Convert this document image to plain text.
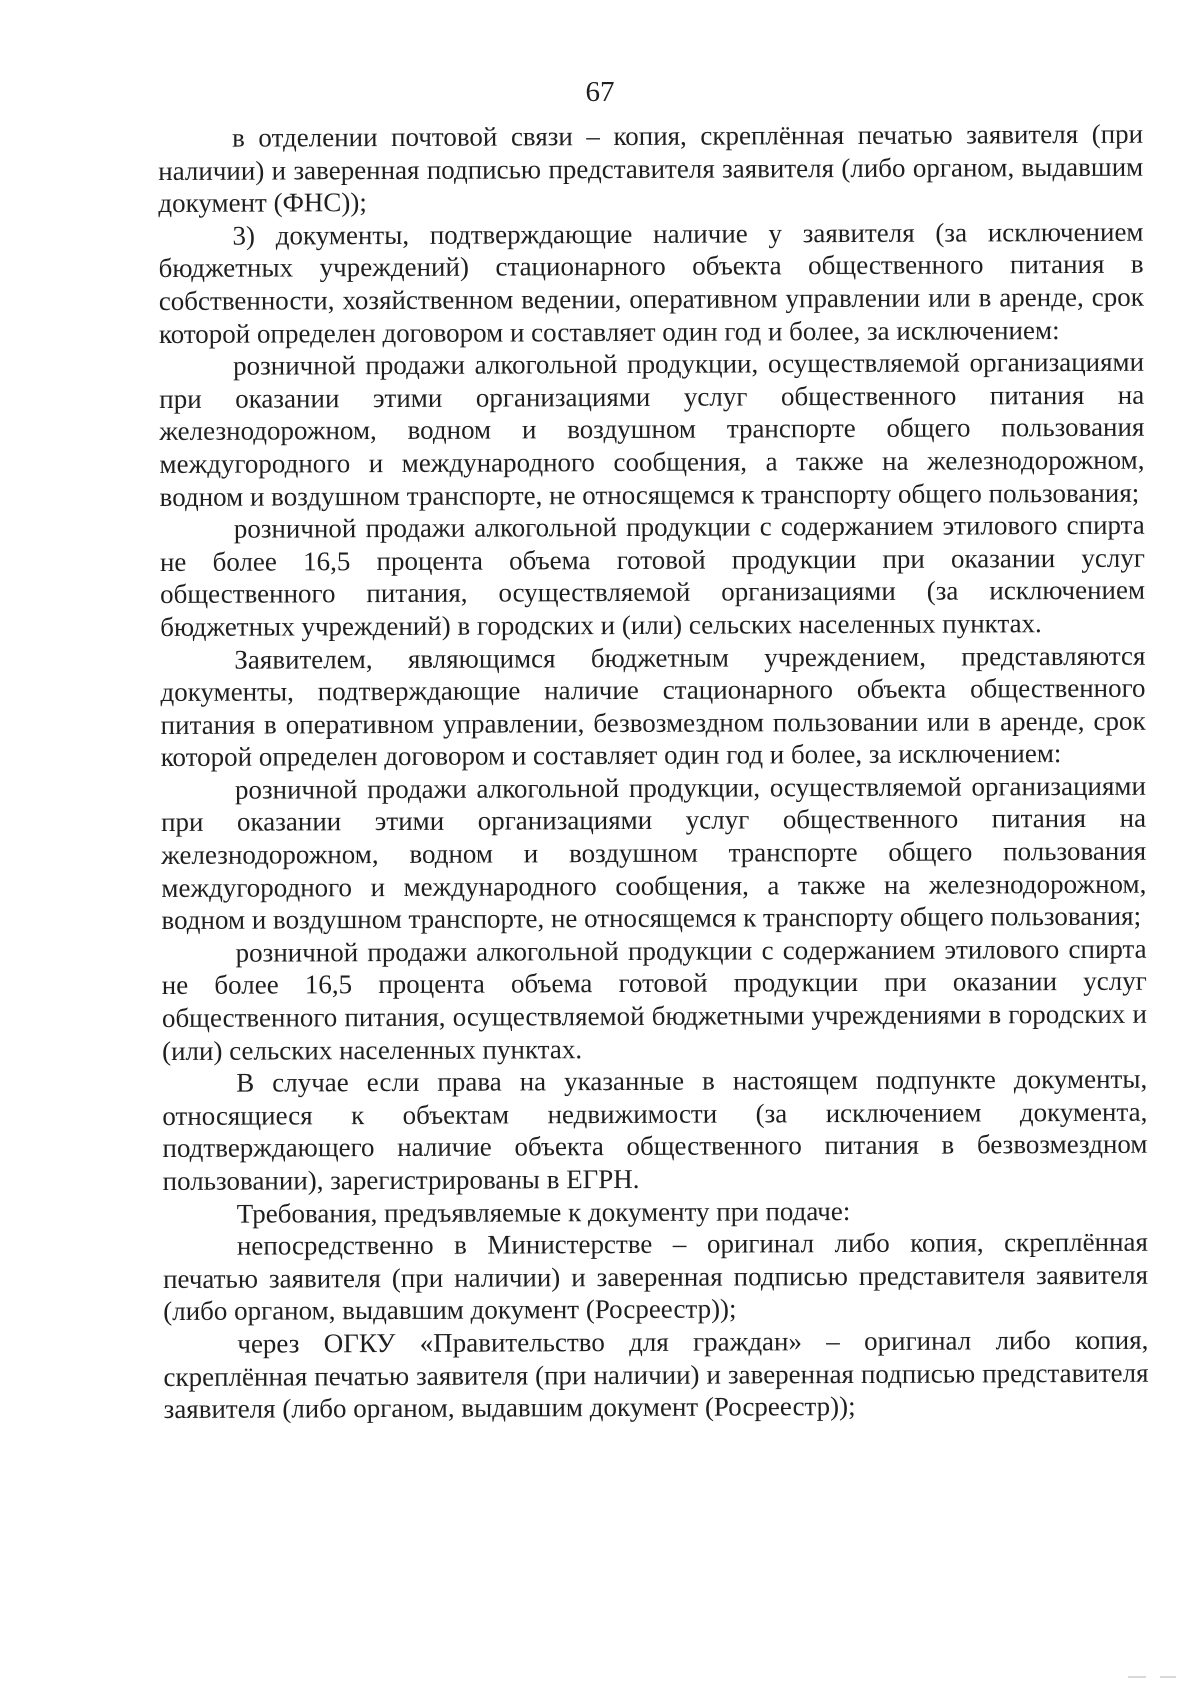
67

в отделении почтовой связи – копия, скреплённая печатью заявителя (при наличии) и заверенная подписью представителя заявителя (либо органом, выдавшим документ (ФНС));

3) документы, подтверждающие наличие у заявителя (за исключением бюджетных учреждений) стационарного объекта общественного питания в собственности, хозяйственном ведении, оперативном управлении или в аренде, срок которой определен договором и составляет один год и более, за исключением:

розничной продажи алкогольной продукции, осуществляемой организациями при оказании этими организациями услуг общественного питания на железнодорожном, водном и воздушном транспорте общего пользования междугородного и международного сообщения, а также на железнодорожном, водном и воздушном транспорте, не относящемся к транспорту общего пользования;

розничной продажи алкогольной продукции с содержанием этилового спирта не более 16,5 процента объема готовой продукции при оказании услуг общественного питания, осуществляемой организациями (за исключением бюджетных учреждений) в городских и (или) сельских населенных пунктах.

Заявителем, являющимся бюджетным учреждением, представляются документы, подтверждающие наличие стационарного объекта общественного питания в оперативном управлении, безвозмездном пользовании или в аренде, срок которой определен договором и составляет один год и более, за исключением:

розничной продажи алкогольной продукции, осуществляемой организациями при оказании этими организациями услуг общественного питания на железнодорожном, водном и воздушном транспорте общего пользования междугородного и международного сообщения, а также на железнодорожном, водном и воздушном транспорте, не относящемся к транспорту общего пользования;

розничной продажи алкогольной продукции с содержанием этилового спирта не более 16,5 процента объема готовой продукции при оказании услуг общественного питания, осуществляемой бюджетными учреждениями в городских и (или) сельских населенных пунктах.

В случае если права на указанные в настоящем подпункте документы, относящиеся к объектам недвижимости (за исключением документа, подтверждающего наличие объекта общественного питания в безвозмездном пользовании), зарегистрированы в ЕГРН.

Требования, предъявляемые к документу при подаче:

непосредственно в Министерстве – оригинал либо копия, скреплённая печатью заявителя (при наличии) и заверенная подписью представителя заявителя (либо органом, выдавшим документ (Росреестр));

через ОГКУ «Правительство для граждан» – оригинал либо копия, скреплённая печатью заявителя (при наличии) и заверенная подписью представителя заявителя (либо органом, выдавшим документ (Росреестр));
